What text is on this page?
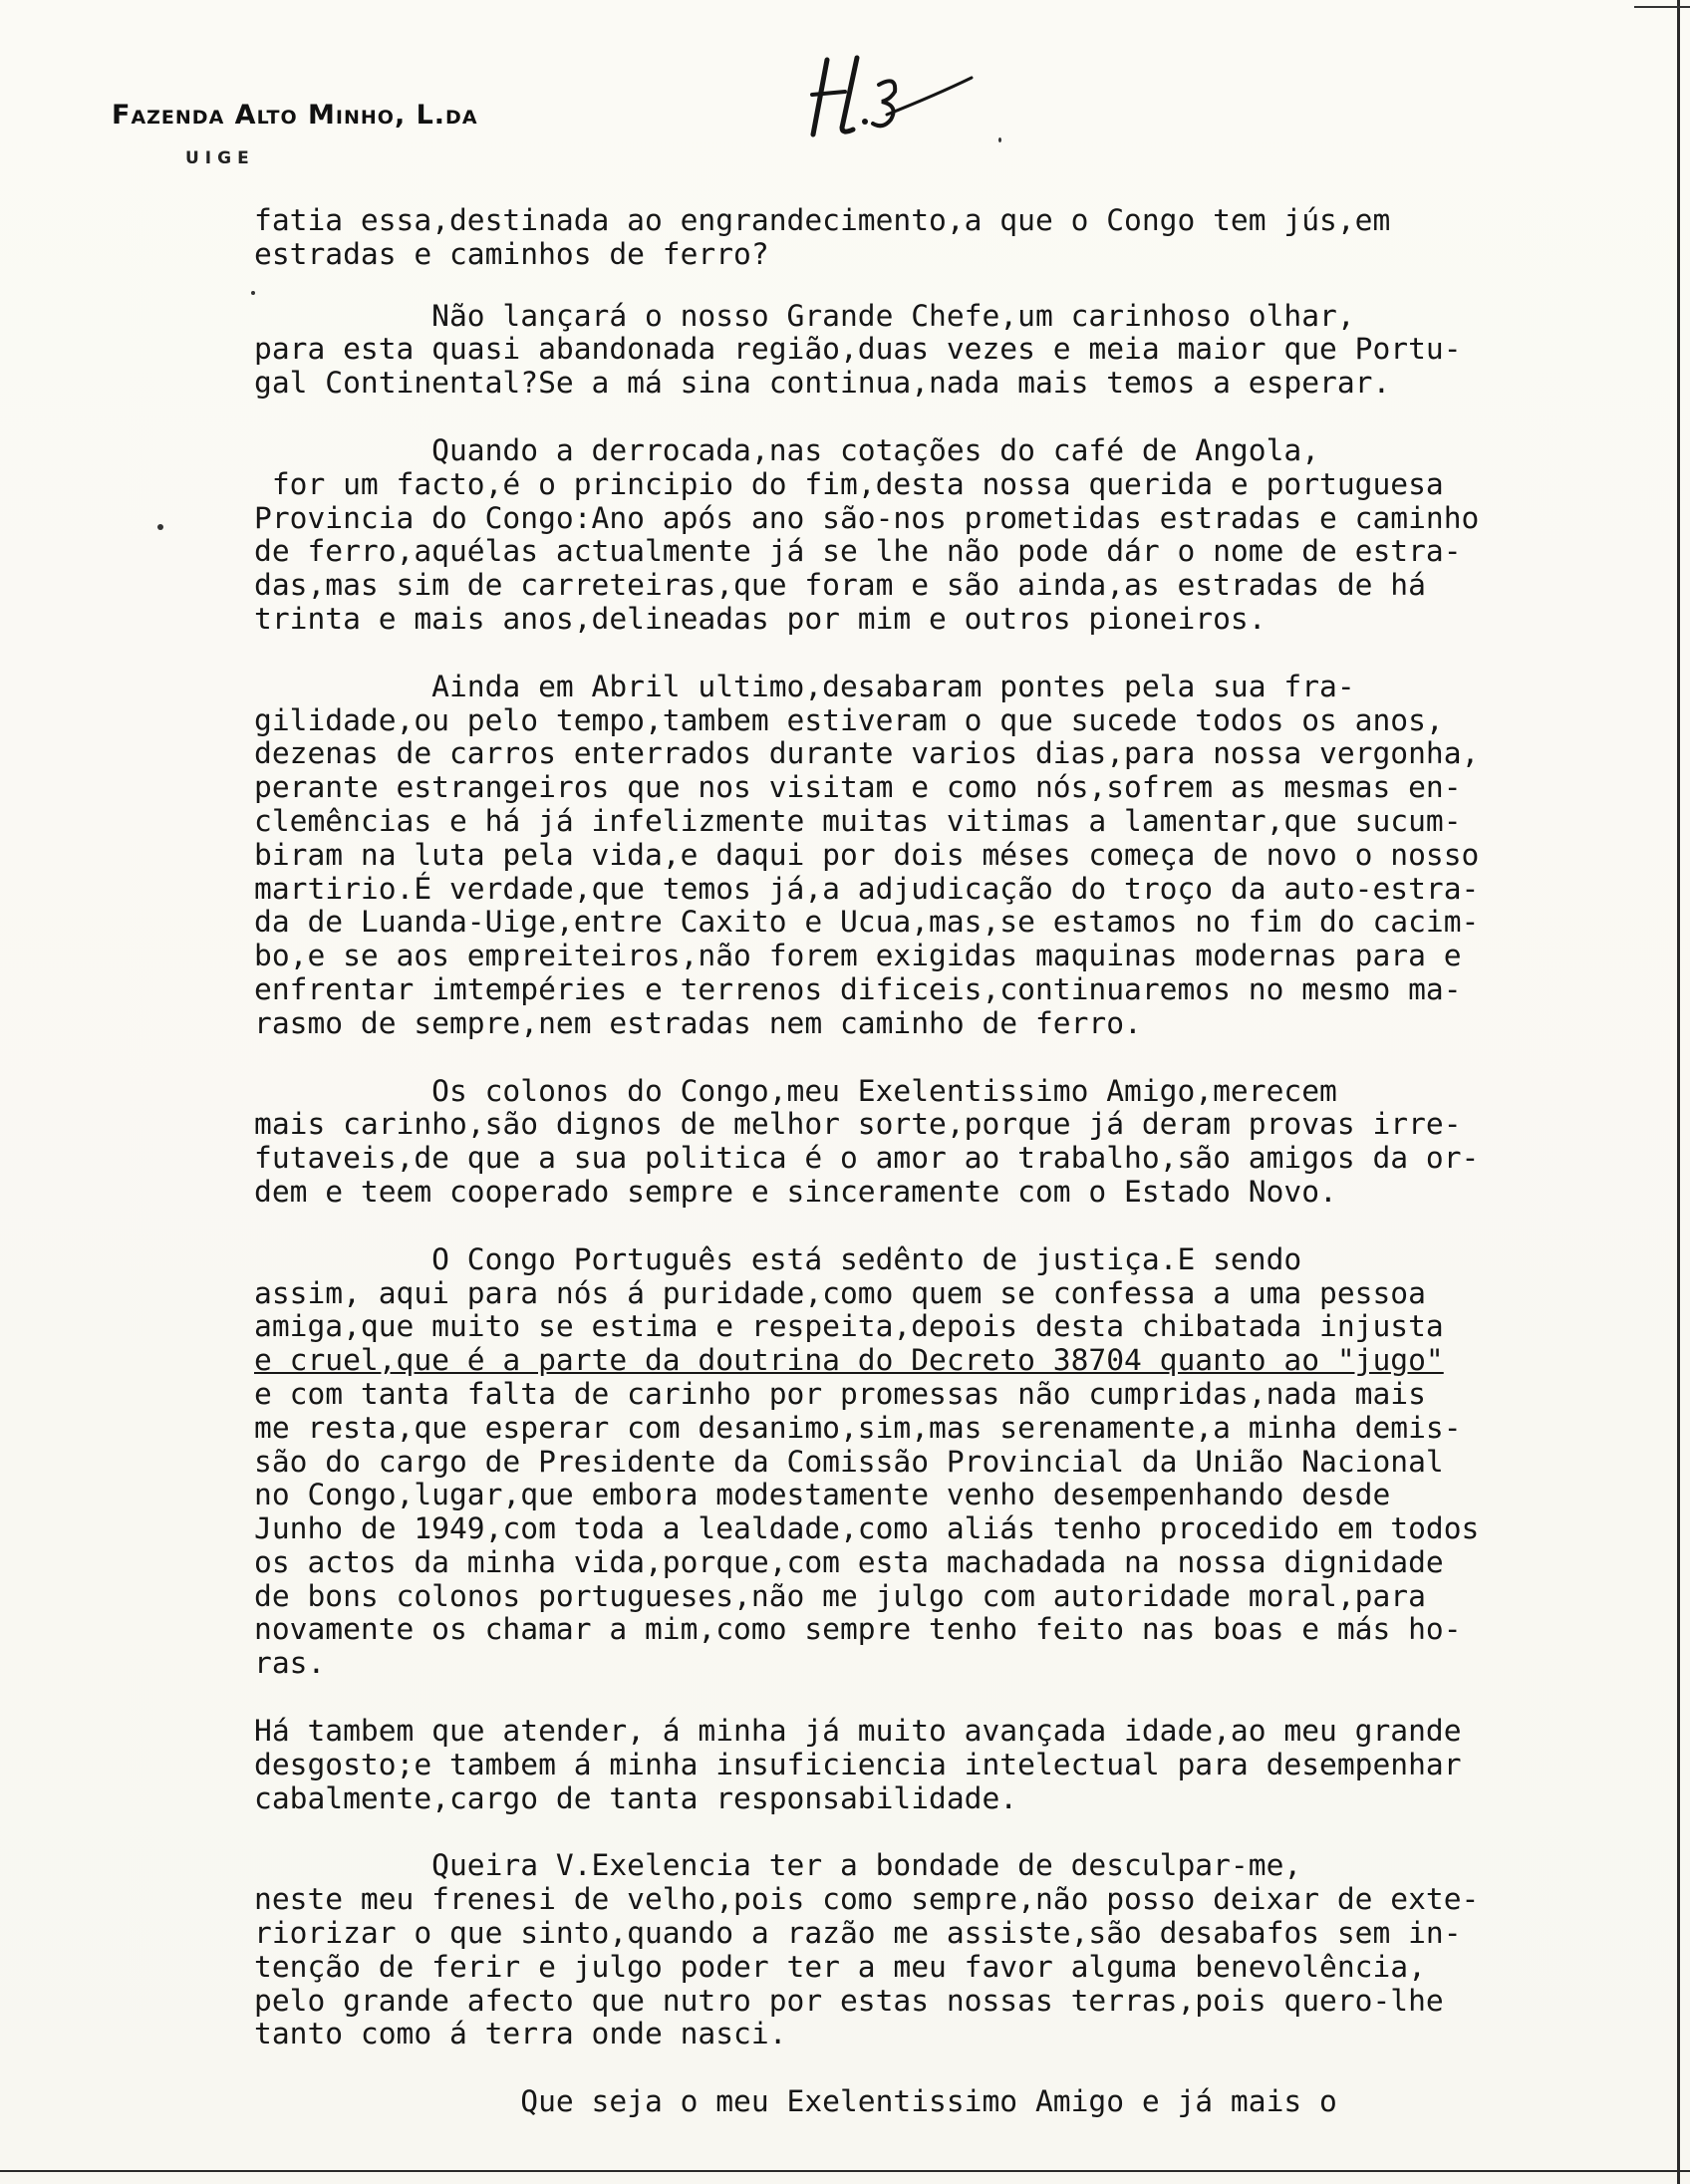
Fazenda Alto Minho, L.da
UIGE
fatia essa,destinada ao engrandecimento,a que o Congo tem jús,em
estradas e caminhos de ferro?
Não lançará o nosso Grande Chefe,um carinhoso olhar,
para esta quasi abandonada região,duas vezes e meia maior que Portu-
gal Continental?Se a má sina continua,nada mais temos a esperar.
Quando a derrocada,nas cotações do café de Angola,
for um facto,é o principio do fim,desta nossa querida e portuguesa
Provincia do Congo:Ano após ano são-nos prometidas estradas e caminho
de ferro,aquélas actualmente já se lhe não pode dár o nome de estra-
das,mas sim de carreteiras,que foram e são ainda,as estradas de há
trinta e mais anos,delineadas por mim e outros pioneiros.
Ainda em Abril ultimo,desabaram pontes pela sua fra-
gilidade,ou pelo tempo,tambem estiveram o que sucede todos os anos,
dezenas de carros enterrados durante varios dias,para nossa vergonha,
perante estrangeiros que nos visitam e como nós,sofrem as mesmas en-
clemências e há já infelizmente muitas vitimas a lamentar,que sucum-
biram na luta pela vida,e daqui por dois méses começa de novo o nosso
martirio.É verdade,que temos já,a adjudicação do troço da auto-estra-
da de Luanda-Uige,entre Caxito e Ucua,mas,se estamos no fim do cacim-
bo,e se aos empreiteiros,não forem exigidas maquinas modernas para e
enfrentar imtempéries e terrenos dificeis,continuaremos no mesmo ma-
rasmo de sempre,nem estradas nem caminho de ferro.
Os colonos do Congo,meu Exelentissimo Amigo,merecem
mais carinho,são dignos de melhor sorte,porque já deram provas irre-
futaveis,de que a sua politica é o amor ao trabalho,são amigos da or-
dem e teem cooperado sempre e sinceramente com o Estado Novo.
O Congo Português está sedênto de justiça.E sendo
assim, aqui para nós á puridade,como quem se confessa a uma pessoa
amiga,que muito se estima e respeita,depois desta chibatada injusta
e cruel,que é a parte da doutrina do Decreto 38704 quanto ao "jugo"
e com tanta falta de carinho por promessas não cumpridas,nada mais
me resta,que esperar com desanimo,sim,mas serenamente,a minha demis-
são do cargo de Presidente da Comissão Provincial da União Nacional
no Congo,lugar,que embora modestamente venho desempenhando desde
Junho de 1949,com toda a lealdade,como aliás tenho procedido em todos
os actos da minha vida,porque,com esta machadada na nossa dignidade
de bons colonos portugueses,não me julgo com autoridade moral,para
novamente os chamar a mim,como sempre tenho feito nas boas e más ho-
ras.
Há tambem que atender, á minha já muito avançada idade,ao meu grande
desgosto;e tambem á minha insuficiencia intelectual para desempenhar
cabalmente,cargo de tanta responsabilidade.
Queira V.Exelencia ter a bondade de desculpar-me,
neste meu frenesi de velho,pois como sempre,não posso deixar de exte-
riorizar o que sinto,quando a razão me assiste,são desabafos sem in-
tenção de ferir e julgo poder ter a meu favor alguma benevolência,
pelo grande afecto que nutro por estas nossas terras,pois quero-lhe
tanto como á terra onde nasci.
Que seja o meu Exelentissimo Amigo e já mais o
